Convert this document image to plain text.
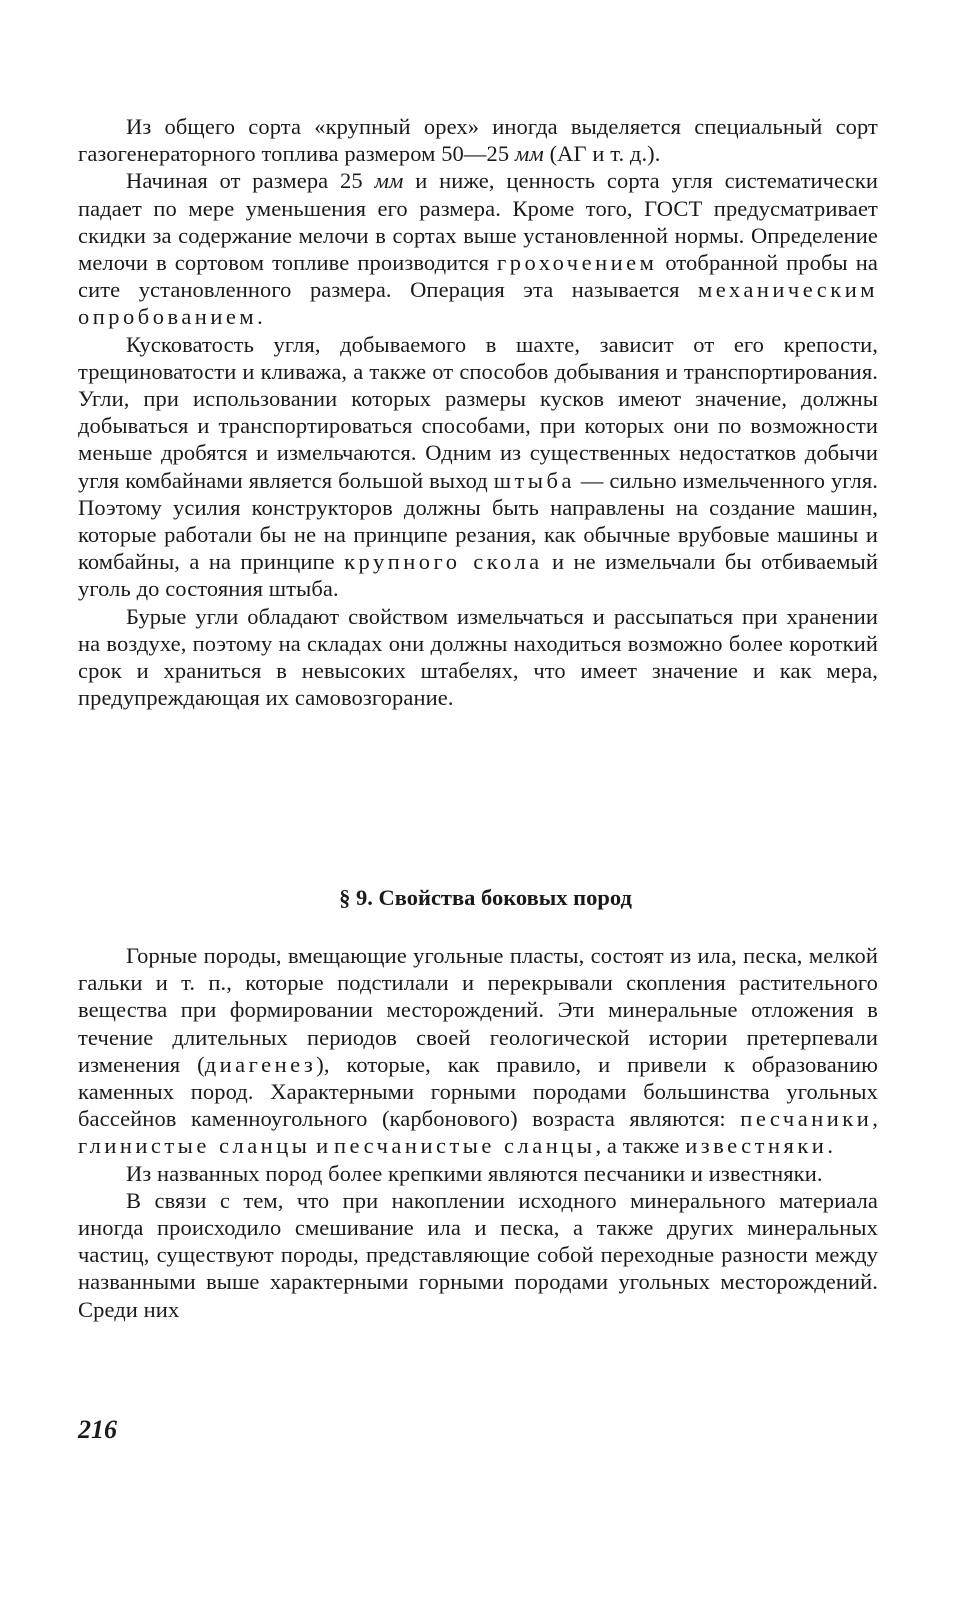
Из общего сорта «крупный орех» иногда выделяется специальный сорт газогенераторного топлива размером 50—25 мм (АГ и т. д.).

Начиная от размера 25 мм и ниже, ценность сорта угля систематически падает по мере уменьшения его размера. Кроме того, ГОСТ предусматривает скидки за содержание мелочи в сортах выше установленной нормы. Определение мелочи в сортовом топливе производится грохочением отобранной пробы на сите установленного размера. Операция эта называется механическим опробованием.

Кусковатость угля, добываемого в шахте, зависит от его крепости, трещиноватости и кливажа, а также от способов добывания и транспортирования. Угли, при использовании которых размеры кусков имеют значение, должны добываться и транспортироваться способами, при которых они по возможности меньше дробятся и измельчаются. Одним из существенных недостатков добычи угля комбайнами является большой выход штыба — сильно измельченного угля. Поэтому усилия конструкторов должны быть направлены на создание машин, которые работали бы не на принципе резания, как обычные врубовые машины и комбайны, а на принципе крупного скола и не измельчали бы отбиваемый уголь до состояния штыба.

Бурые угли обладают свойством измельчаться и рассыпаться при хранении на воздухе, поэтому на складах они должны находиться возможно более короткий срок и храниться в невысоких штабелях, что имеет значение и как мера, предупреждающая их самовозгорание.

§ 9. Свойства боковых пород

Горные породы, вмещающие угольные пласты, состоят из ила, песка, мелкой гальки и т. п., которые подстилали и перекрывали скопления растительного вещества при формировании месторождений. Эти минеральные отложения в течение длительных периодов своей геологической истории претерпевали изменения (диагенез), которые, как правило, и привели к образованию каменных пород. Характерными горными породами большинства угольных бассейнов каменноугольного (карбонового) возраста являются: песчаники, глинистые сланцы и песчанистые сланцы, а также известняки.

Из названных пород более крепкими являются песчаники и известняки.

В связи с тем, что при накоплении исходного минерального материала иногда происходило смешивание ила и песка, а также других минеральных частиц, существуют породы, представляющие собой переходные разности между названными выше характерными горными породами угольных месторождений. Среди них

216
